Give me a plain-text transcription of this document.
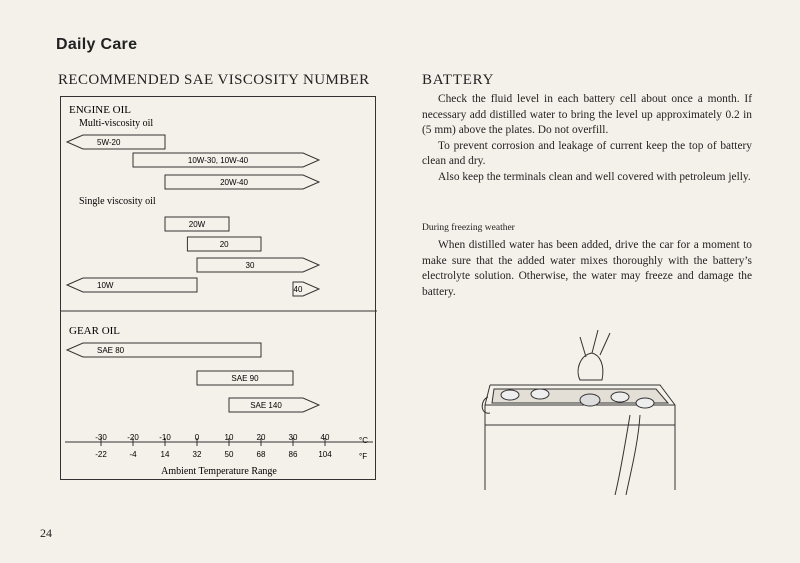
Daily Care
RECOMMENDED SAE VISCOSITY NUMBER
ENGINE OIL
Multi-viscosity oil
Single viscosity oil
GEAR OIL
5W-20
10W-30, 10W-40
20W-40
20W
20
30
10W	40
SAE 80
SAE 90
SAE 140
°C
°F
Ambient Temperature Range
-30
-22
-20
-4
-10
14
0
32
10
50
20
68
30
86
40
104
BATTERY

Check the fluid level in each battery cell about once a month. If necessary add distilled water to bring the level up approximately 0.2 in (5 mm) above the plates. Do not overfill.

To prevent corrosion and leakage of current keep the top of battery clean and dry.

Also keep the terminals clean and well covered with petroleum jelly.

During freezing weather
When distilled water has been added, drive the car for a moment to make sure that the added water mixes thoroughly with the battery’s electrolyte solution. Otherwise, the water may freeze and damage the battery.
24
